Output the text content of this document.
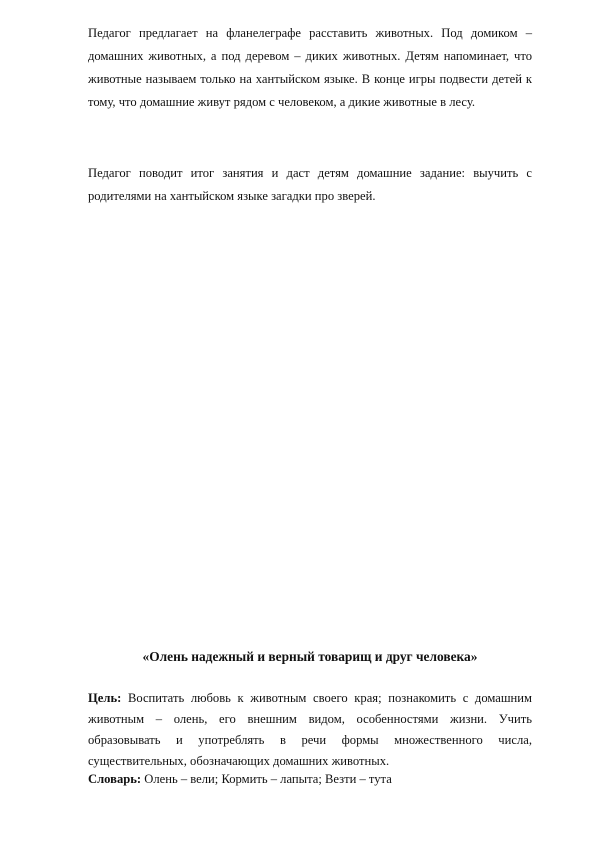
Педагог предлагает на фланелеграфе расставить животных. Под домиком – домашних животных, а под деревом – диких животных. Детям напоминает, что животные называем только на хантыйском языке. В конце игры подвести детей к тому, что домашние живут рядом с человеком, а дикие животные в лесу.

Педагог поводит итог занятия и даст детям домашние задание: выучить с родителями на хантыйском языке загадки про зверей.

«Олень надежный и верный товарищ и друг человека»

Цель: Воспитать любовь к животным своего края; познакомить с домашним животным – олень, его внешним видом, особенностями жизни. Учить образовывать и употреблять в речи формы множественного числа, существительных, обозначающих домашних животных.

Словарь: Олень – вели; Кормить – лапыта; Везти – тута
